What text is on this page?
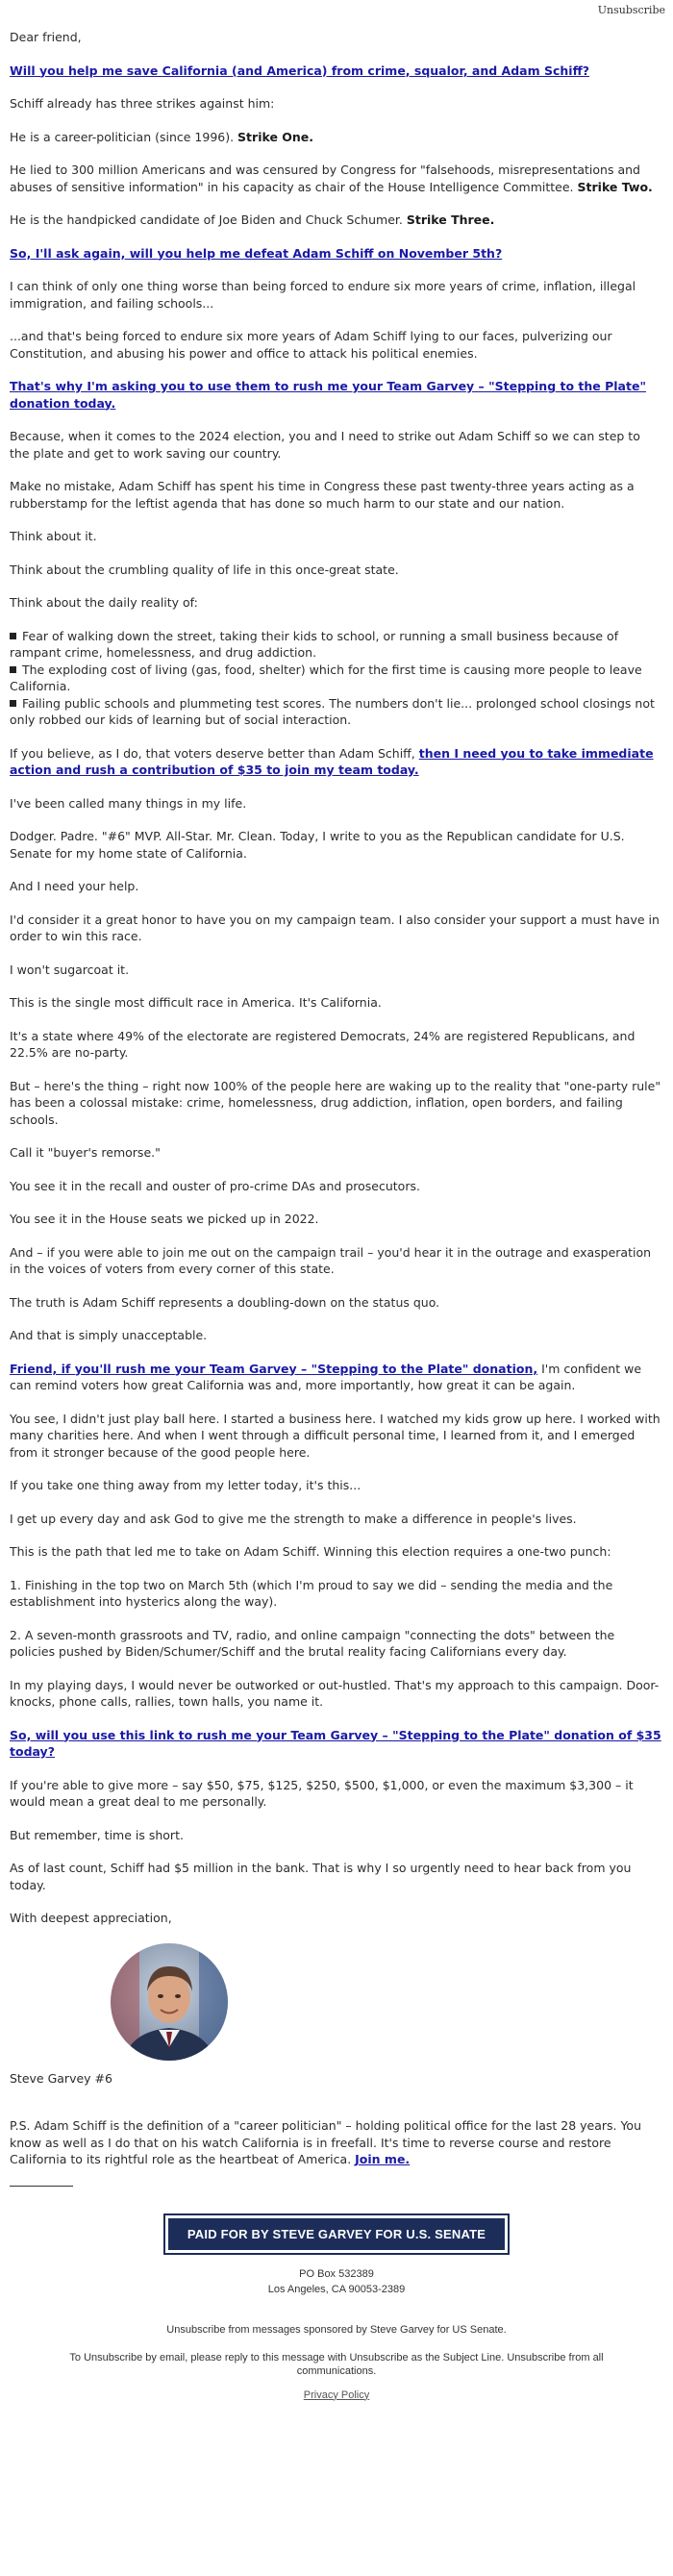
Unsubscribe

Dear friend,

Will you help me save California (and America) from crime, squalor, and Adam Schiff?

Schiff already has three strikes against him:

He is a career-politician (since 1996). Strike One.

He lied to 300 million Americans and was censured by Congress for "falsehoods, misrepresentations and abuses of sensitive information" in his capacity as chair of the House Intelligence Committee. Strike Two.

He is the handpicked candidate of Joe Biden and Chuck Schumer. Strike Three.

So, I'll ask again, will you help me defeat Adam Schiff on November 5th?

I can think of only one thing worse than being forced to endure six more years of crime, inflation, illegal immigration, and failing schools...

...and that's being forced to endure six more years of Adam Schiff lying to our faces, pulverizing our Constitution, and abusing his power and office to attack his political enemies.

That's why I'm asking you to use them to rush me your Team Garvey – "Stepping to the Plate" donation today.

Because, when it comes to the 2024 election, you and I need to strike out Adam Schiff so we can step to the plate and get to work saving our country.

Make no mistake, Adam Schiff has spent his time in Congress these past twenty-three years acting as a rubberstamp for the leftist agenda that has done so much harm to our state and our nation.

Think about it.

Think about the crumbling quality of life in this once-great state.

Think about the daily reality of:

Fear of walking down the street, taking their kids to school, or running a small business because of rampant crime, homelessness, and drug addiction.

The exploding cost of living (gas, food, shelter) which for the first time is causing more people to leave California.

Failing public schools and plummeting test scores. The numbers don't lie... prolonged school closings not only robbed our kids of learning but of social interaction.

If you believe, as I do, that voters deserve better than Adam Schiff, then I need you to take immediate action and rush a contribution of $35 to join my team today.

I've been called many things in my life.

Dodger. Padre. "#6" MVP. All-Star. Mr. Clean. Today, I write to you as the Republican candidate for U.S. Senate for my home state of California.

And I need your help.

I'd consider it a great honor to have you on my campaign team. I also consider your support a must have in order to win this race.

I won't sugarcoat it.

This is the single most difficult race in America. It's California.

It's a state where 49% of the electorate are registered Democrats, 24% are registered Republicans, and 22.5% are no-party.

But – here's the thing – right now 100% of the people here are waking up to the reality that "one-party rule" has been a colossal mistake: crime, homelessness, drug addiction, inflation, open borders, and failing schools.

Call it "buyer's remorse."

You see it in the recall and ouster of pro-crime DAs and prosecutors.

You see it in the House seats we picked up in 2022.

And – if you were able to join me out on the campaign trail – you'd hear it in the outrage and exasperation in the voices of voters from every corner of this state.

The truth is Adam Schiff represents a doubling-down on the status quo.

And that is simply unacceptable.

Friend, if you'll rush me your Team Garvey – "Stepping to the Plate" donation, I'm confident we can remind voters how great California was and, more importantly, how great it can be again.

You see, I didn't just play ball here. I started a business here. I watched my kids grow up here. I worked with many charities here. And when I went through a difficult personal time, I learned from it, and I emerged from it stronger because of the good people here.

If you take one thing away from my letter today, it's this...

I get up every day and ask God to give me the strength to make a difference in people's lives.

This is the path that led me to take on Adam Schiff. Winning this election requires a one-two punch:

1. Finishing in the top two on March 5th (which I'm proud to say we did – sending the media and the establishment into hysterics along the way).

2. A seven-month grassroots and TV, radio, and online campaign "connecting the dots" between the policies pushed by Biden/Schumer/Schiff and the brutal reality facing Californians every day.

In my playing days, I would never be outworked or out-hustled. That's my approach to this campaign. Door-knocks, phone calls, rallies, town halls, you name it.

So, will you use this link to rush me your Team Garvey – "Stepping to the Plate" donation of $35 today?

If you're able to give more – say $50, $75, $125, $250, $500, $1,000, or even the maximum $3,300 – it would mean a great deal to me personally.

But remember, time is short.

As of last count, Schiff had $5 million in the bank. That is why I so urgently need to hear back from you today.

With deepest appreciation,

Steve Garvey #6

P.S. Adam Schiff is the definition of a "career politician" – holding political office for the last 28 years. You know as well as I do that on his watch California is in freefall. It's time to reverse course and restore California to its rightful role as the heartbeat of America. Join me.

PAID FOR BY STEVE GARVEY FOR U.S. SENATE

PO Box 532389

Los Angeles, CA 90053-2389

Unsubscribe from messages sponsored by Steve Garvey for US Senate.

To Unsubscribe by email, please reply to this message with Unsubscribe as the Subject Line. Unsubscribe from all communications.

Privacy Policy
